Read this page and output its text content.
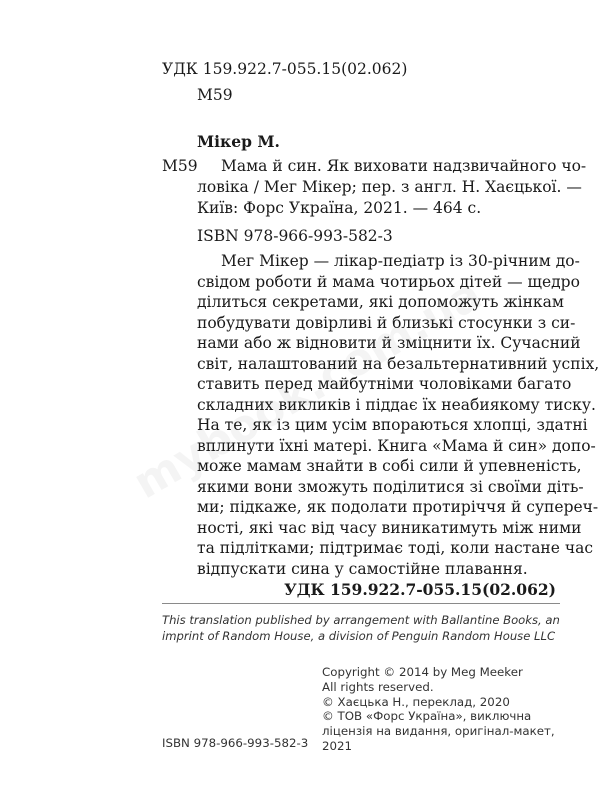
УДК 159.922.7-055.15(02.062)
М59
Мікер М.
М59 Мама й син. Як виховати надзвичайного чо-
ловіка / Мег Мікер; пер. з англ. Н. Хаєцької. —
Київ: Форс Україна, 2021. — 464 с.
ISBN 978-966-993-582-3
Мег Мікер — лікар-педіатр із 30-річним до-
свідом роботи й мама чотирьох дітей — щедро
ділиться секретами, які допоможуть жінкам
побудувати довірливі й близькі стосунки з си-
нами або ж відновити й зміцнити їх. Сучасний
світ, налаштований на безальтернативний успіх,
ставить перед майбутніми чоловіками багато
складних викликів і піддає їх неабиякому тиску.
На те, як із цим усім впораються хлопці, здатні
вплинути їхні матері. Книга «Мама й син» допо-
може мамам знайти в собі сили й упевненість,
якими вони зможуть поділитися зі своїми діть-
ми; підкаже, як подолати протиріччя й супереч-
ності, які час від часу виникатимуть між ними
та підлітками; підтримає тоді, коли настане час
відпускати сина у самостійне плавання.
УДК 159.922.7-055.15(02.062)
This translation published by arrangement with Ballantine Books, an
imprint of Random House, a division of Penguin Random House LLC
Copyright © 2014 by Meg Meeker
All rights reserved.
© Хаєцька Н., переклад, 2020
© ТОВ «Форс Україна», виключна
ліцензія на видання, оригінал-макет,
2021
ISBN 978-966-993-582-3
